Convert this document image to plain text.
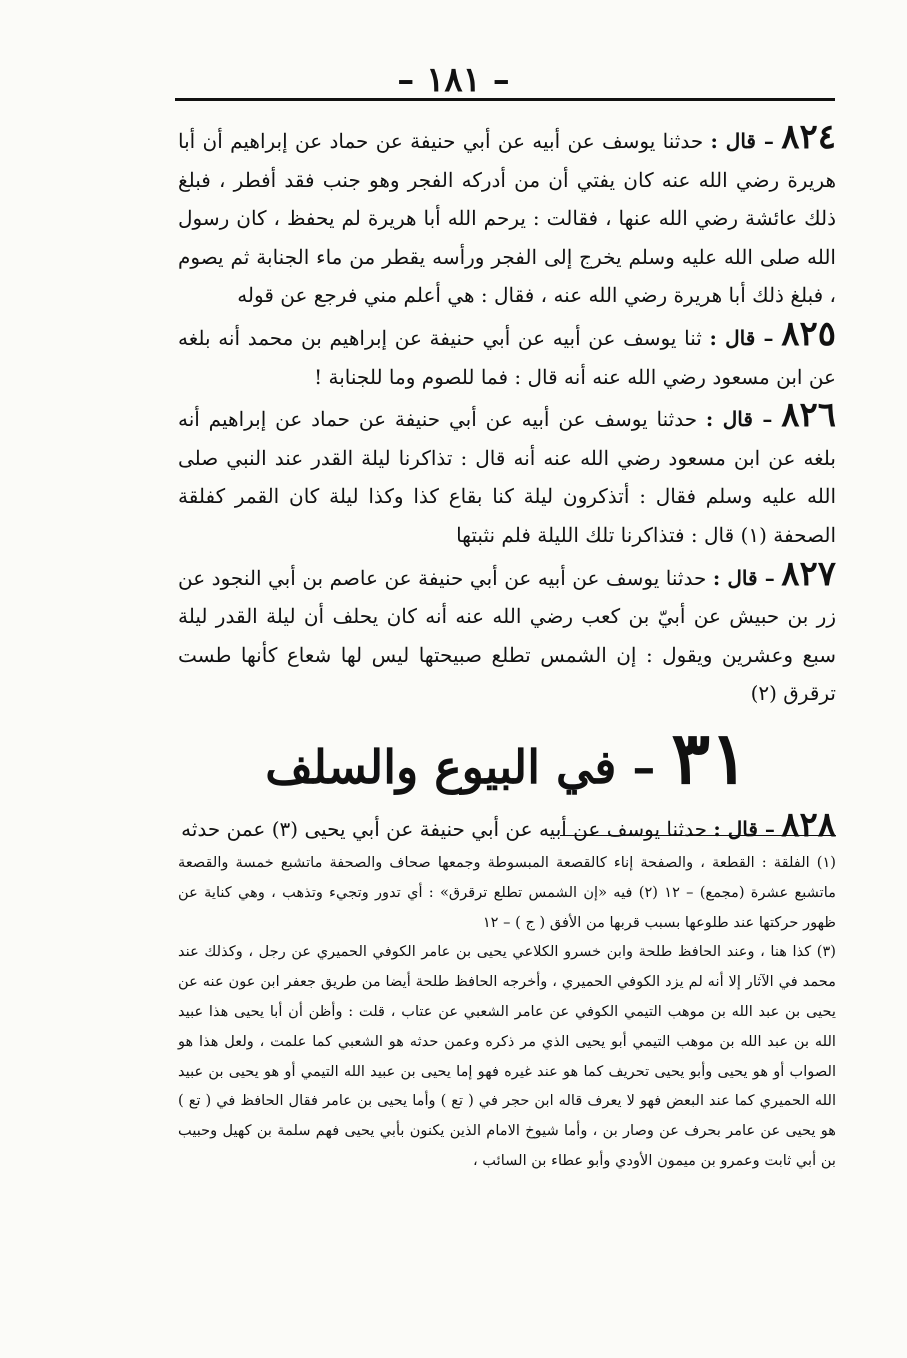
– ١٨١ –

٨٢٤ – قال : حدثنا يوسف عن أبيه عن أبي حنيفة عن حماد عن إبراهيم أن أبا هريرة رضي الله عنه كان يفتي أن من أدركه الفجر وهو جنب فقد أفطر ، فبلغ ذلك عائشة رضي الله عنها ، فقالت : يرحم الله أبا هريرة لم يحفظ ، كان رسول الله صلى الله عليه وسلم يخرج إلى الفجر ورأسه يقطر من ماء الجنابة ثم يصوم ، فبلغ ذلك أبا هريرة رضي الله عنه ، فقال : هي أعلم مني فرجع عن قوله

٨٢٥ – قال : ثنا يوسف عن أبيه عن أبي حنيفة عن إبراهيم بن محمد أنه بلغه عن ابن مسعود رضي الله عنه أنه قال : فما للصوم وما للجنابة !

٨٢٦ – قال : حدثنا يوسف عن أبيه عن أبي حنيفة عن حماد عن إبراهيم أنه بلغه عن ابن مسعود رضي الله عنه أنه قال : تذاكرنا ليلة القدر عند النبي صلى الله عليه وسلم فقال : أتذكرون ليلة كنا بقاع كذا وكذا ليلة كان القمر كفلقة الصحفة (١) قال : فتذاكرنا تلك الليلة فلم نثبتها

٨٢٧ – قال : حدثنا يوسف عن أبيه عن أبي حنيفة عن عاصم بن أبي النجود عن زر بن حبيش عن أبيّ بن كعب رضي الله عنه أنه كان يحلف أن ليلة القدر ليلة سبع وعشرين ويقول : إن الشمس تطلع صبيحتها ليس لها شعاع كأنها طست ترقرق (٢)

٣١ – في البيوع والسلف

٨٢٨ – قال : حدثنا يوسف عن أبيه عن أبي حنيفة عن أبي يحيى (٣) عمن حدثه

(١) الفلقة : القطعة ، والصفحة إناء كالقصعة المبسوطة وجمعها صحاف والصحفة ماتشبع خمسة والقصعة ماتشبع عشرة (مجمع) – ١٢ (٢) فيه «إن الشمس تطلع ترقرق» : أي تدور وتجيء وتذهب ، وهي كناية عن ظهور حركتها عند طلوعها بسبب قربها من الأفق ( ج ) – ١٢

(٣) كذا هنا ، وعند الحافظ طلحة وابن خسرو الكلاعي يحيى بن عامر الكوفي الحميري عن رجل ، وكذلك عند محمد في الآثار إلا أنه لم يزد الكوفي الحميري ، وأخرجه الحافظ طلحة أيضا من طريق جعفر ابن عون عنه عن يحيى بن عبد الله بن موهب التيمي الكوفي عن عامر الشعبي عن عتاب ، قلت : وأظن أن أبا يحيى هذا عبيد الله بن عبد الله بن موهب التيمي أبو يحيى الذي مر ذكره وعمن حدثه هو الشعبي كما علمت ، ولعل هذا هو الصواب أو هو يحيى وأبو يحيى تحريف كما هو عند غيره فهو إما يحيى بن عبيد الله التيمي أو هو يحيى بن عبيد الله الحميري كما عند البعض فهو لا يعرف قاله ابن حجر في ( تع ) وأما يحيى بن عامر فقال الحافظ في ( تع ) هو يحيى عن عامر بحرف عن وصار بن ، وأما شيوخ الامام الذين يكنون بأبي يحيى فهم سلمة بن كهيل وحبيب بن أبي ثابت وعمرو بن ميمون الأودي وأبو عطاء بن السائب ،
